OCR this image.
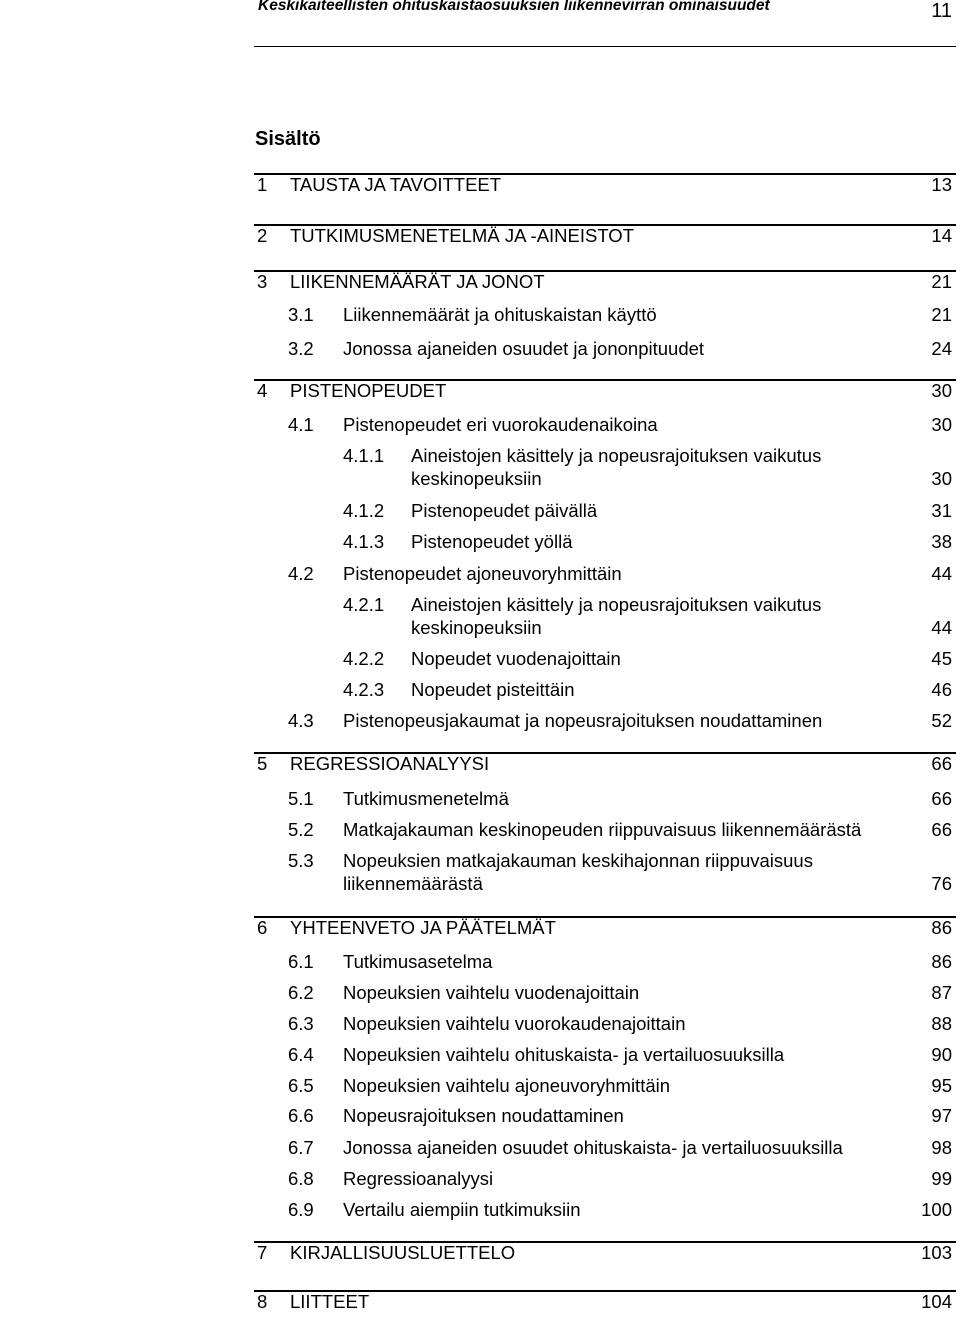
Keskikaiteellisten ohituskaistaosuuksien liikennevirran ominaisuudet	11
Sisältö
1 TAUSTA JA TAVOITTEET	13
2 TUTKIMUSMENETELMÄ JA -AINEISTOT	14
3 LIIKENNEMÄÄRÄT JA JONOT	21
3.1 Liikennemäärät ja ohituskaistan käyttö	21
3.2 Jonossa ajaneiden osuudet ja jononpituudet	24
4 PISTENOPEUDET	30
4.1 Pistenopeudet eri vuorokaudenaikoina	30
4.1.1 Aineistojen käsittely ja nopeusrajoituksen vaikutus
keskinopeuksiin	30
4.1.2 Pistenopeudet päivällä	31
4.1.3 Pistenopeudet yöllä	38
4.2 Pistenopeudet ajoneuvoryhmittäin	44
4.2.1 Aineistojen käsittely ja nopeusrajoituksen vaikutus
keskinopeuksiin	44
4.2.2 Nopeudet vuodenajoittain	45
4.2.3 Nopeudet pisteittäin	46
4.3 Pistenopeusjakaumat ja nopeusrajoituksen noudattaminen	52
5 REGRESSIOANALYYSI	66
5.1 Tutkimusmenetelmä	66
5.2 Matkajakauman keskinopeuden riippuvaisuus liikennemäärästä	66
5.3 Nopeuksien matkajakauman keskihajonnan riippuvaisuus
liikennemäärästä	76
6 YHTEENVETO JA PÄÄTELMÄT	86
6.1 Tutkimusasetelma	86
6.2 Nopeuksien vaihtelu vuodenajoittain	87
6.3 Nopeuksien vaihtelu vuorokaudenajoittain	88
6.4 Nopeuksien vaihtelu ohituskaista- ja vertailuosuuksilla	90
6.5 Nopeuksien vaihtelu ajoneuvoryhmittäin	95
6.6 Nopeusrajoituksen noudattaminen	97
6.7 Jonossa ajaneiden osuudet ohituskaista- ja vertailuosuuksilla	98
6.8 Regressioanalyysi	99
6.9 Vertailu aiempiin tutkimuksiin	100
7 KIRJALLISUUSLUETTELO	103
8 LIITTEET	104
